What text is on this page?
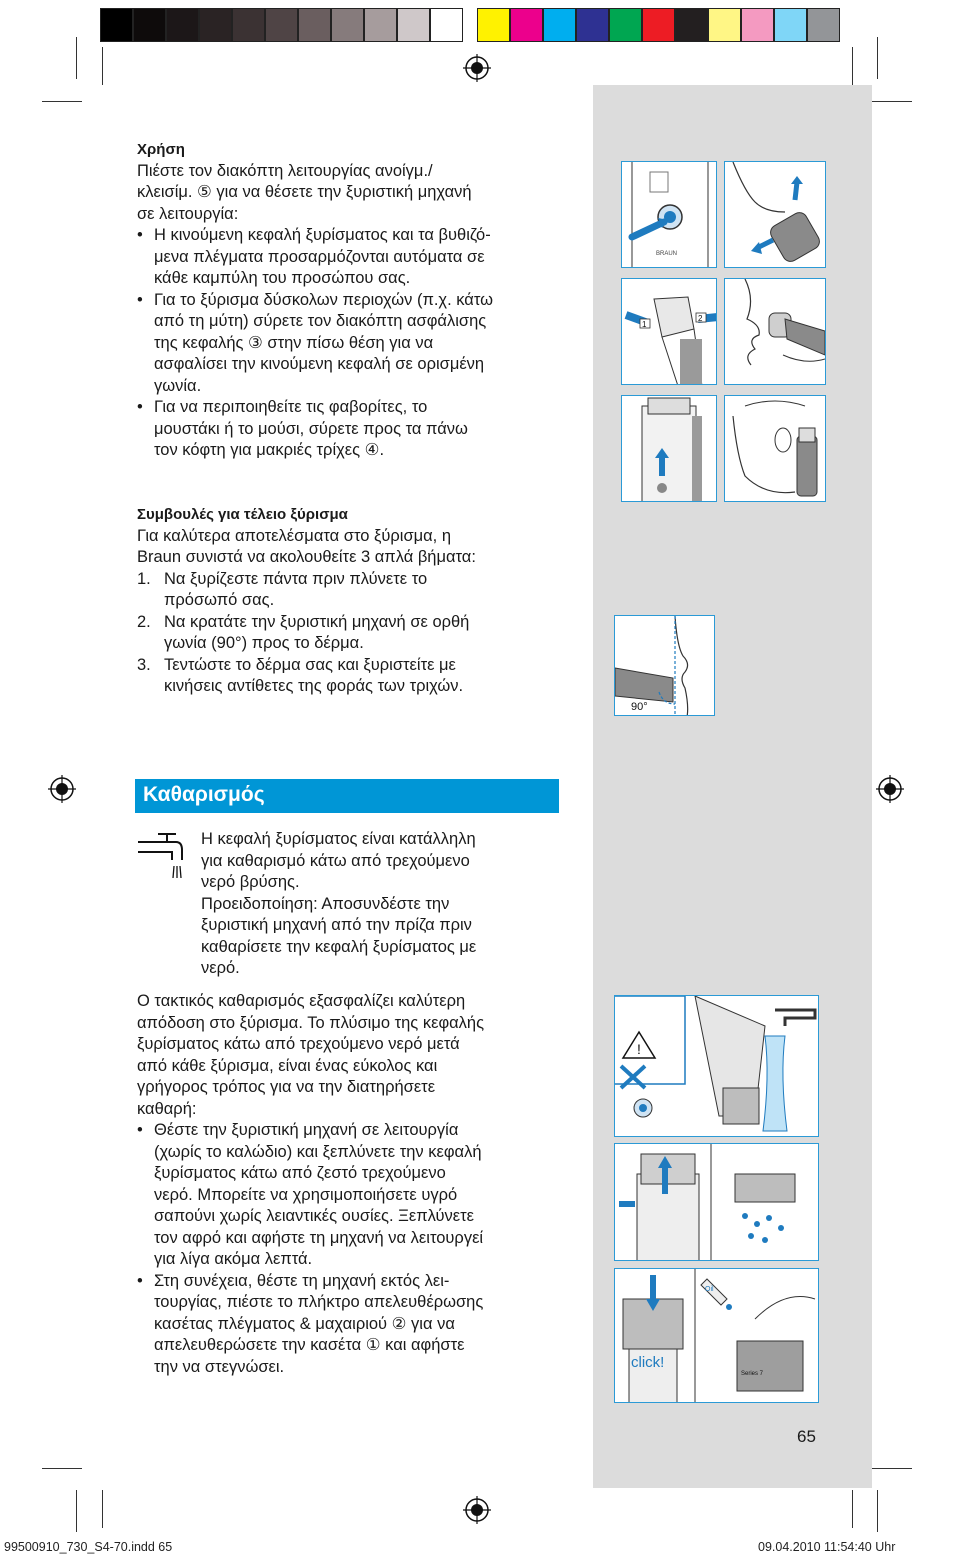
Χρήση
Πιέστε τον διακόπτη λειτουργίας ανοίγμ./
κλεισίμ. ⑤ για να θέσετε την ξυριστική μηχανή
σε λειτουργία:
• Η κινούμενη κεφαλή ξυρίσματος και τα βυθιζό-
μενα πλέγματα προσαρμόζονται αυτόματα σε
κάθε καμπύλη του προσώπου σας.
• Για το ξύρισμα δύσκολων περιοχών (π.χ. κάτω
από τη μύτη) σύρετε τον διακόπτη ασφάλισης
της κεφαλής ③ στην πίσω θέση για να
ασφαλίσει την κινούμενη κεφαλή σε ορισμένη
γωνία.
• Για να περιποιηθείτε τις φαβορίτες, το
μουστάκι ή το μούσι, σύρετε προς τα πάνω
τον κόφτη για μακριές τρίχες ④.
Συμβουλές για τέλειο ξύρισμα
Για καλύτερα αποτελέσματα στο ξύρισμα, η
Braun συνιστά να ακολουθείτε 3 απλά βήματα:
1. Να ξυρίζεστε πάντα πριν πλύνετε το
πρόσωπό σας.
2. Να κρατάτε την ξυριστική μηχανή σε ορθή
γωνία (90°) προς το δέρμα.
3. Τεντώστε το δέρμα σας και ξυριστείτε με
κινήσεις αντίθετες της φοράς των τριχών.
Καθαρισμός
Η κεφαλή ξυρίσματος είναι κατάλληλη
για καθαρισμό κάτω από τρεχούμενο
νερό βρύσης.
Προειδοποίηση: Αποσυνδέστε την
ξυριστική μηχανή από την πρίζα πριν
καθαρίσετε την κεφαλή ξυρίσματος με
νερό.
Ο τακτικός καθαρισμός εξασφαλίζει καλύτερη
απόδοση στο ξύρισμα. Το πλύσιμο της κεφαλής
ξυρίσματος κάτω από τρεχούμενο νερό μετά
από κάθε ξύρισμα, είναι ένας εύκολος και
γρήγορος τρόπος για να την διατηρήσετε
καθαρή:
• Θέστε την ξυριστική μηχανή σε λειτουργία
(χωρίς το καλώδιο) και ξεπλύνετε την κεφαλή
ξυρίσματος κάτω από ζεστό τρεχούμενο
νερό. Μπορείτε να χρησιμοποιήσετε υγρό
σαπούνι χωρίς λειαντικές ουσίες. Ξεπλύνετε
τον αφρό και αφήστε τη μηχανή να λειτουργεί
για λίγα ακόμα λεπτά.
• Στη συνέχεια, θέστε τη μηχανή εκτός λει-
τουργίας, πιέστε το πλήκτρο απελευθέρωσης
κασέτας πλέγματος & μαχαιριού ② για να
απελευθερώσετε την κασέτα ① και αφήστε
την να στεγνώσει.
BRAUN
1
2
90°
!
click!
Oil
Series 7
65
99500910_730_S4-70.indd 65	09.04.2010 11:54:40 Uhr
